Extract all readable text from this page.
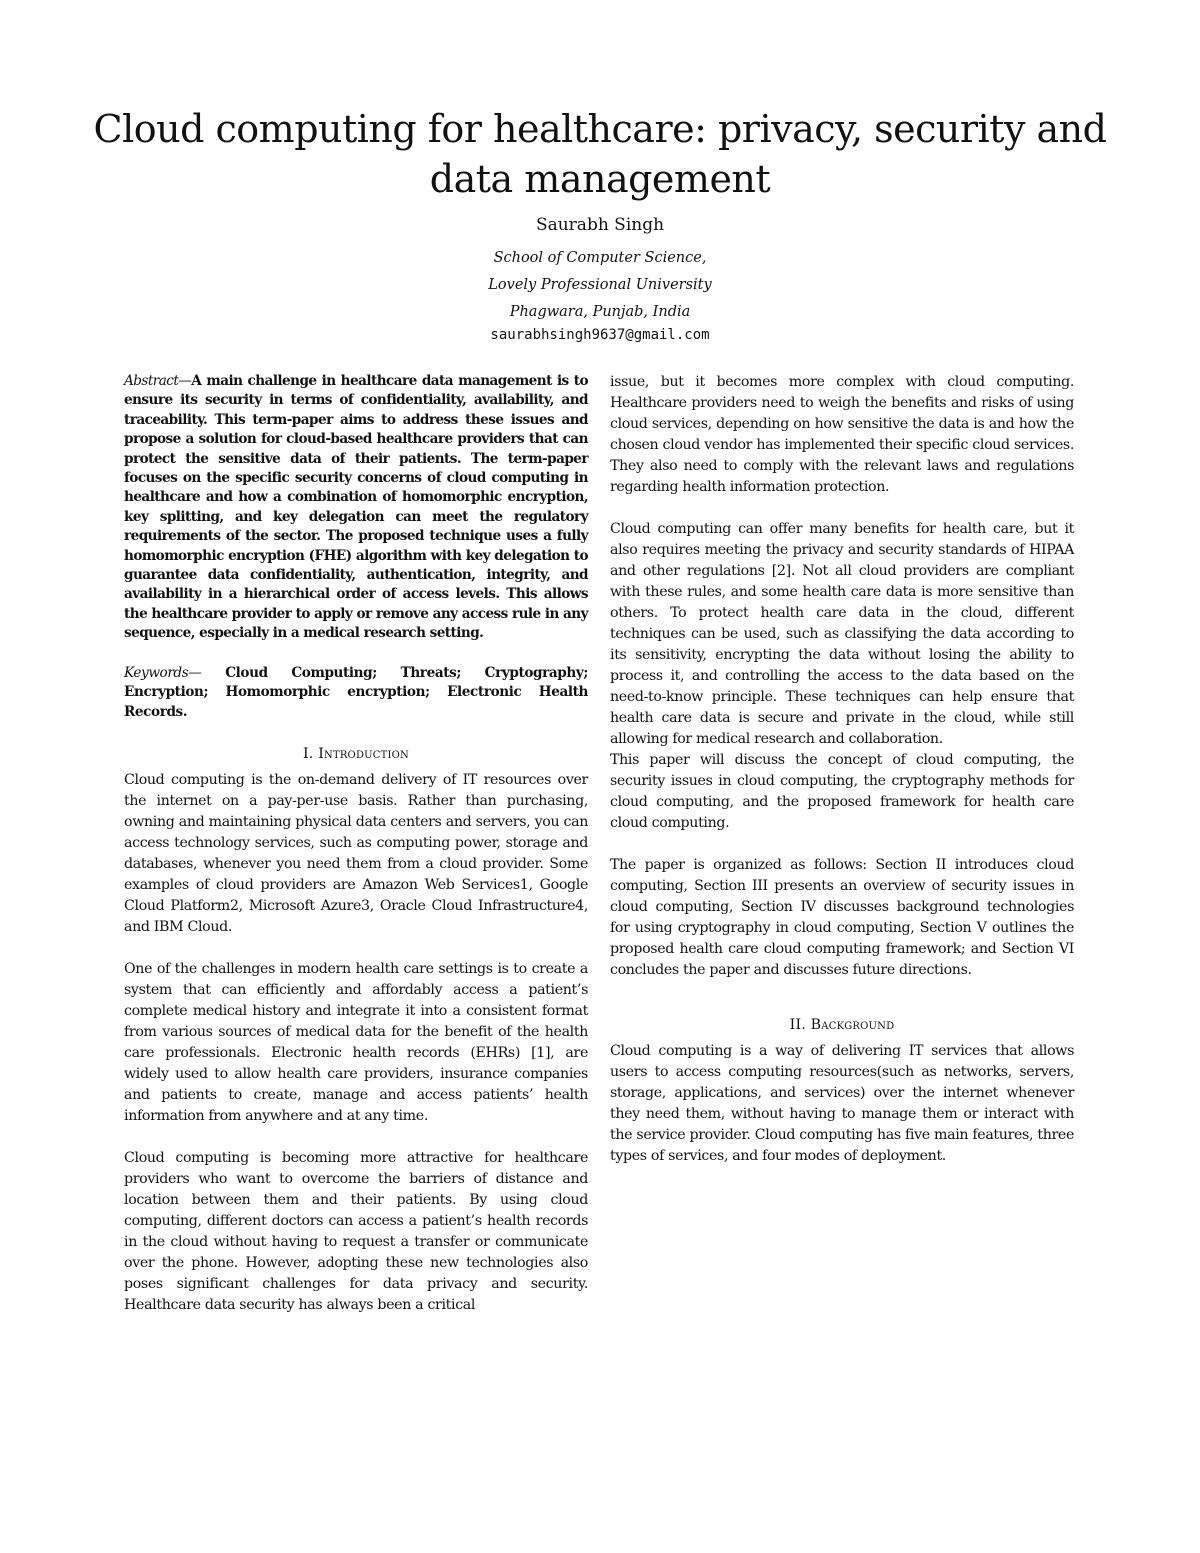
Cloud computing for healthcare: privacy, security and data management
Saurabh Singh
School of Computer Science,
Lovely Professional University
Phagwara, Punjab, India
saurabhsingh9637@gmail.com

Abstract—A main challenge in healthcare data management is to ensure its security in terms of confidentiality, availability, and traceability. This term-paper aims to address these issues and propose a solution for cloud-based healthcare providers that can protect the sensitive data of their patients. The term-paper focuses on the specific security concerns of cloud computing in healthcare and how a combination of homomorphic encryption, key splitting, and key delegation can meet the regulatory requirements of the sector. The proposed technique uses a fully homomorphic encryption (FHE) algorithm with key delegation to guarantee data confidentiality, authentication, integrity, and availability in a hierarchical order of access levels. This allows the healthcare provider to apply or remove any access rule in any sequence, especially in a medical research setting.

Keywords— Cloud Computing; Threats; Cryptography; Encryption; Homomorphic encryption; Electronic Health Records.

I. Introduction

Cloud computing is the on-demand delivery of IT resources over the internet on a pay-per-use basis. Rather than purchasing, owning and maintaining physical data centers and servers, you can access technology services, such as computing power, storage and databases, whenever you need them from a cloud provider. Some examples of cloud providers are Amazon Web Services1, Google Cloud Platform2, Microsoft Azure3, Oracle Cloud Infrastructure4, and IBM Cloud.

One of the challenges in modern health care settings is to create a system that can efficiently and affordably access a patient’s complete medical history and integrate it into a consistent format from various sources of medical data for the benefit of the health care professionals. Electronic health records (EHRs) [1], are widely used to allow health care providers, insurance companies and patients to create, manage and access patients’ health information from anywhere and at any time.

Cloud computing is becoming more attractive for healthcare providers who want to overcome the barriers of distance and location between them and their patients. By using cloud computing, different doctors can access a patient’s health records in the cloud without having to request a transfer or communicate over the phone. However, adopting these new technologies also poses significant challenges for data privacy and security. Healthcare data security has always been a critical

issue, but it becomes more complex with cloud computing. Healthcare providers need to weigh the benefits and risks of using cloud services, depending on how sensitive the data is and how the chosen cloud vendor has implemented their specific cloud services. They also need to comply with the relevant laws and regulations regarding health information protection.

Cloud computing can offer many benefits for health care, but it also requires meeting the privacy and security standards of HIPAA and other regulations [2]. Not all cloud providers are compliant with these rules, and some health care data is more sensitive than others. To protect health care data in the cloud, different techniques can be used, such as classifying the data according to its sensitivity, encrypting the data without losing the ability to process it, and controlling the access to the data based on the need-to-know principle. These techniques can help ensure that health care data is secure and private in the cloud, while still allowing for medical research and collaboration.

This paper will discuss the concept of cloud computing, the security issues in cloud computing, the cryptography methods for cloud computing, and the proposed framework for health care cloud computing.

The paper is organized as follows: Section II introduces cloud computing, Section III presents an overview of security issues in cloud computing, Section IV discusses background technologies for using cryptography in cloud computing, Section V outlines the proposed health care cloud computing framework; and Section VI concludes the paper and discusses future directions.

II. Background

Cloud computing is a way of delivering IT services that allows users to access computing resources(such as networks, servers, storage, applications, and services) over the internet whenever they need them, without having to manage them or interact with the service provider. Cloud computing has five main features, three types of services, and four modes of deployment.
